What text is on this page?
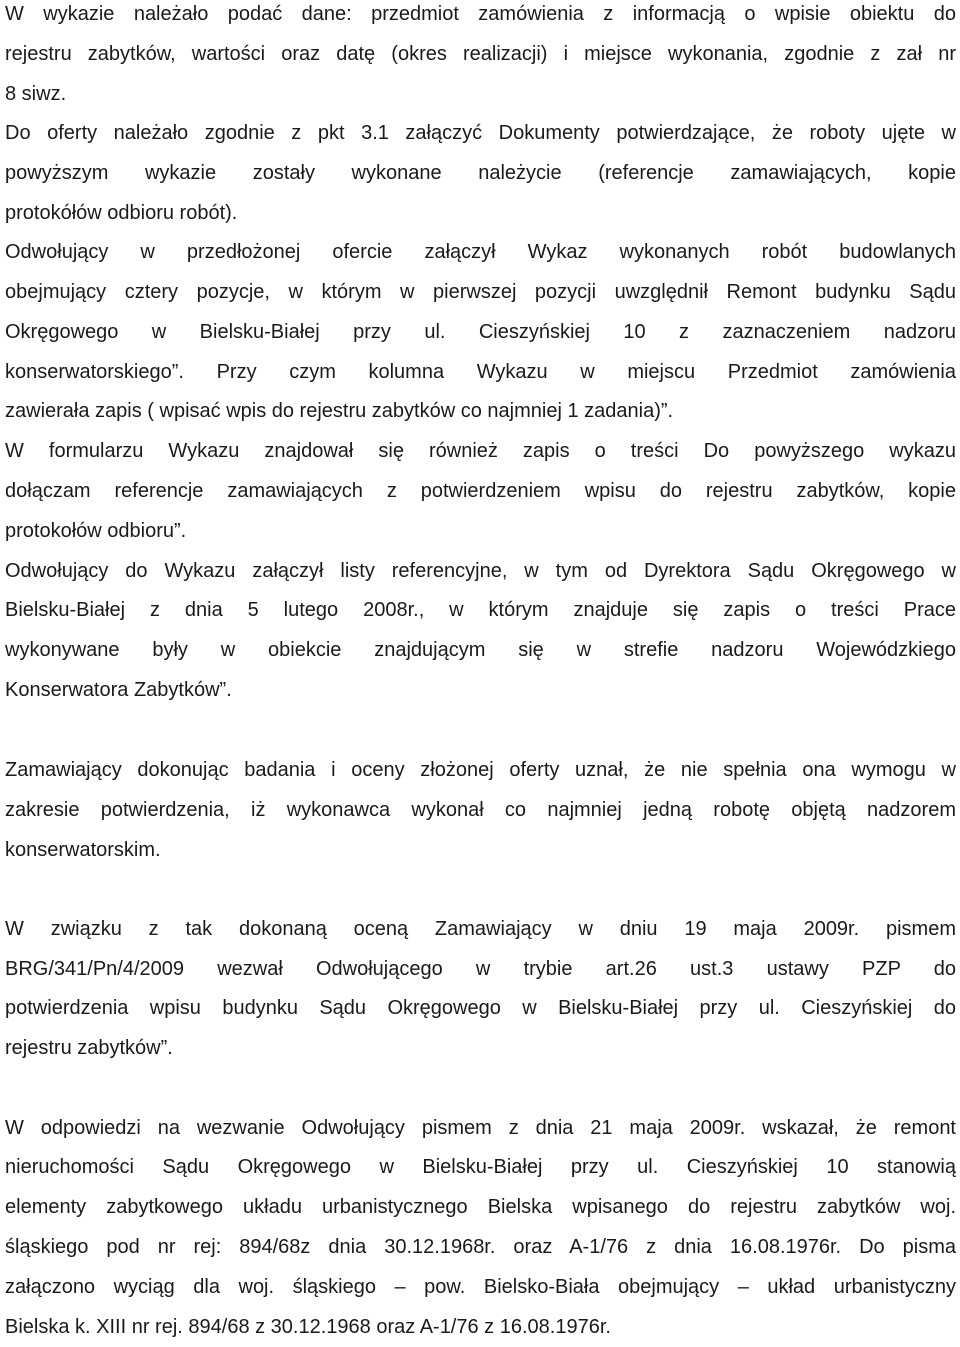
W wykazie należało podać dane: przedmiot zamówienia z informacją o wpisie obiektu do
rejestru zabytków, wartości oraz datę (okres realizacji) i miejsce wykonania, zgodnie z zał nr
8 siwz.
Do oferty należało zgodnie z pkt 3.1 załączyć Dokumenty potwierdzające, że roboty ujęte w
powyższym wykazie zostały wykonane należycie (referencje zamawiających, kopie
protokółów odbioru robót).
Odwołujący w przedłożonej ofercie załączył Wykaz wykonanych robót budowlanych
obejmujący cztery pozycje, w którym w pierwszej pozycji uwzględnił Remont budynku Sądu
Okręgowego w Bielsku-Białej przy ul. Cieszyńskiej 10 z zaznaczeniem nadzoru
konserwatorskiego”. Przy czym kolumna Wykazu w miejscu Przedmiot zamówienia
zawierała zapis ( wpisać wpis do rejestru zabytków co najmniej 1 zadania)”.
W formularzu Wykazu znajdował się również zapis o treści Do powyższego wykazu
dołączam referencje zamawiających z potwierdzeniem wpisu do rejestru zabytków, kopie
protokołów odbioru”.
Odwołujący do Wykazu załączył listy referencyjne, w tym od Dyrektora Sądu Okręgowego w
Bielsku-Białej z dnia 5 lutego 2008r., w którym znajduje się zapis o treści Prace
wykonywane były w obiekcie znajdującym się w strefie nadzoru Wojewódzkiego
Konserwatora Zabytków”.
Zamawiający dokonując badania i oceny złożonej oferty uznał, że nie spełnia ona wymogu w
zakresie potwierdzenia, iż wykonawca wykonał co najmniej jedną robotę objętą nadzorem
konserwatorskim.
W związku z tak dokonaną oceną Zamawiający w dniu 19 maja 2009r. pismem
BRG/341/Pn/4/2009 wezwał Odwołującego w trybie art.26 ust.3 ustawy PZP do
potwierdzenia wpisu budynku Sądu Okręgowego w Bielsku-Białej przy ul. Cieszyńskiej do
rejestru zabytków”.
W odpowiedzi na wezwanie Odwołujący pismem z dnia 21 maja 2009r. wskazał, że remont
nieruchomości Sądu Okręgowego w Bielsku-Białej przy ul. Cieszyńskiej 10 stanowią
elementy zabytkowego układu urbanistycznego Bielska wpisanego do rejestru zabytków woj.
śląskiego pod nr rej: 894/68z dnia 30.12.1968r. oraz A-1/76 z dnia 16.08.1976r. Do pisma
załączono wyciąg dla woj. śląskiego – pow. Bielsko-Biała obejmujący – układ urbanistyczny
Bielska k. XIII nr rej. 894/68 z 30.12.1968 oraz A-1/76 z 16.08.1976r.
